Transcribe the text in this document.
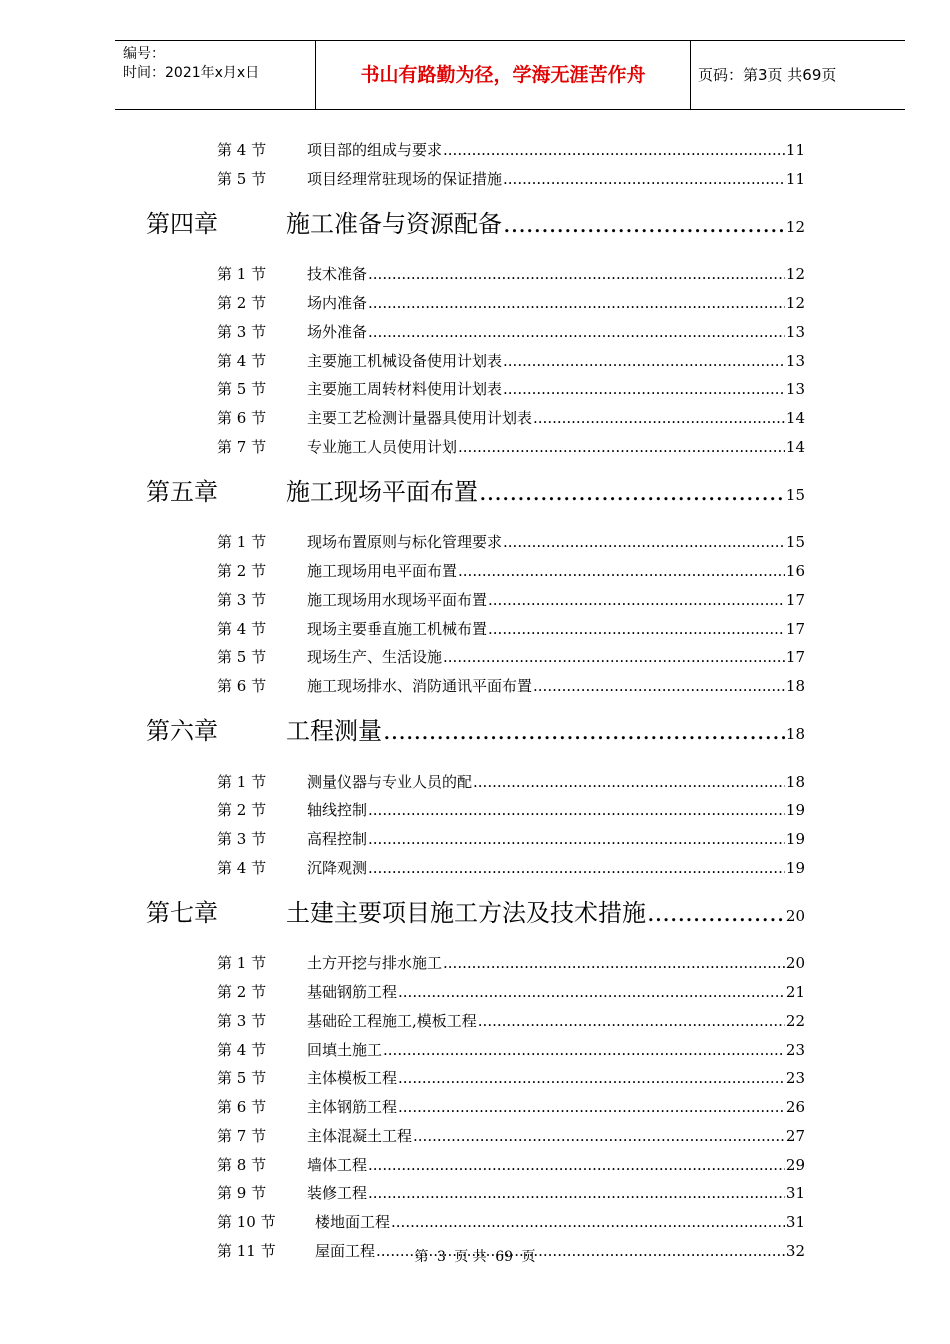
编号：
时间：2021年x月x日	书山有路勤为径，学海无涯苦作舟	页码：第3页 共69页
第 4 节	项目部的组成与要求 .....	11
第 5 节	项目经理常驻现场的保证措施 .....	11
第四章	施工准备与资源配备 .....	12
第 1 节	技术准备 .....	12
第 2 节	场内准备 .....	12
第 3 节	场外准备 .....	13
第 4 节	主要施工机械设备使用计划表 .....	13
第 5 节	主要施工周转材料使用计划表 .....	13
第 6 节	主要工艺检测计量器具使用计划表 .....	14
第 7 节	专业施工人员使用计划 .....	14
第五章	施工现场平面布置 .....	15
第 1 节	现场布置原则与标化管理要求 .....	15
第 2 节	施工现场用电平面布置 .....	16
第 3 节	施工现场用水现场平面布置 .....	17
第 4 节	现场主要垂直施工机械布置 .....	17
第 5 节	现场生产、生活设施 .....	17
第 6 节	施工现场排水、消防通讯平面布置 .....	18
第六章	工程测量 .....	18
第 1 节	测量仪器与专业人员的配 .....	18
第 2 节	轴线控制 .....	19
第 3 节	高程控制 .....	19
第 4 节	沉降观测 .....	19
第七章	土建主要项目施工方法及技术措施 .....	20
第 1 节	土方开挖与排水施工 .....	20
第 2 节	基础钢筋工程 .....	21
第 3 节	基础砼工程施工,模板工程 .....	22
第 4 节	回填土施工 .....	23
第 5 节	主体模板工程 .....	23
第 6 节	主体钢筋工程 .....	26
第 7 节	主体混凝土工程 .....	27
第 8 节	墙体工程 .....	29
第 9 节	装修工程 .....	31
第 10 节	楼地面工程 .....	31
第 11 节	屋面工程 .....	32
第 3 页 共 69 页
